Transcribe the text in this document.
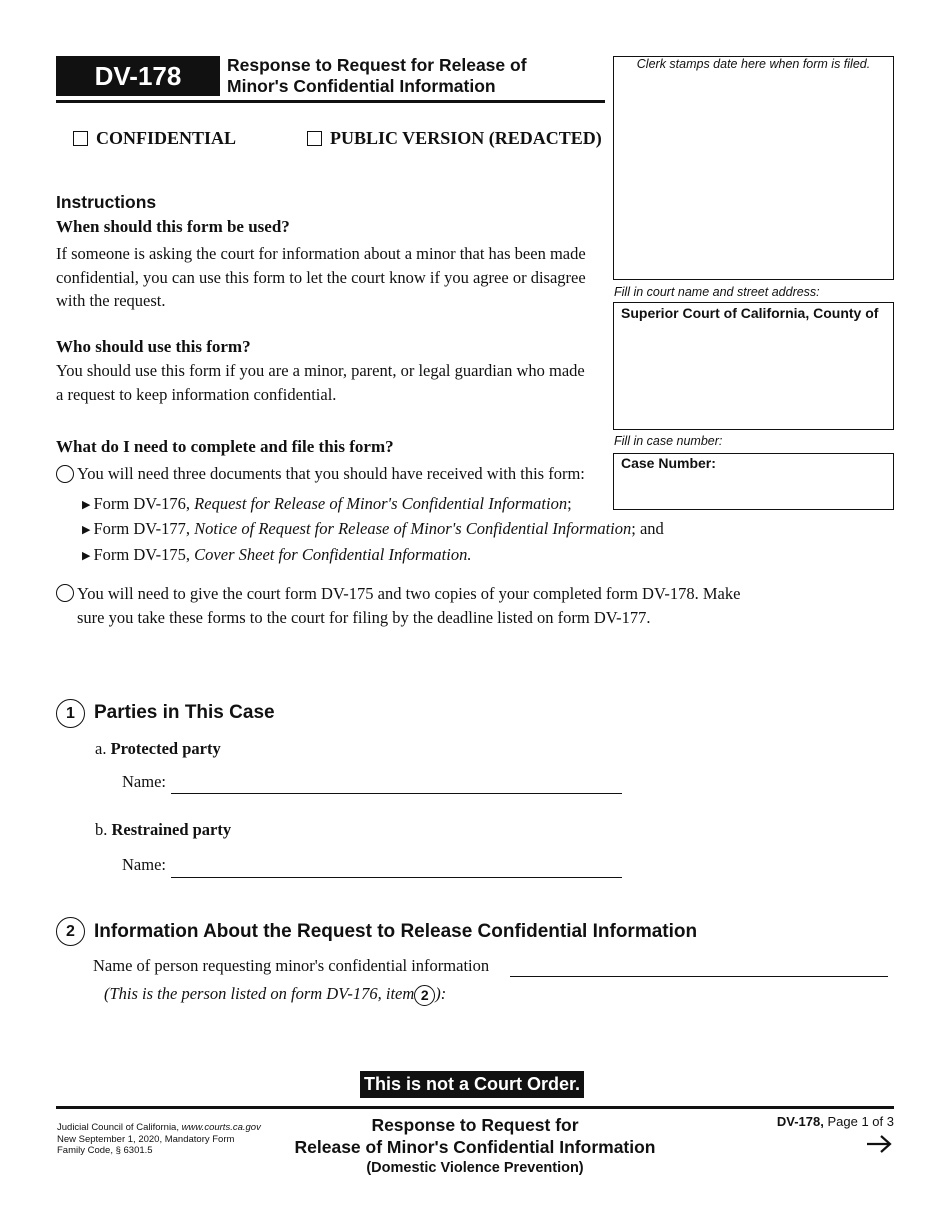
DV-178	Response to Request for Release of
Minor's Confidential Information
CONFIDENTIAL	PUBLIC VERSION (REDACTED)
Clerk stamps date here when form is filed.
Fill in court name and street address:
Superior Court of California, County of
Fill in case number:
Case Number:
Instructions
When should this form be used?
If someone is asking the court for information about a minor that has been made
confidential, you can use this form to let the court know if you agree or disagree
with the request.
Who should use this form?
You should use this form if you are a minor, parent, or legal guardian who made
a request to keep information confidential.
What do I need to complete and file this form?
You will need three documents that you should have received with this form:
▶ Form DV-176, Request for Release of Minor's Confidential Information;
▶ Form DV-177, Notice of Request for Release of Minor's Confidential Information; and
▶ Form DV-175, Cover Sheet for Confidential Information.
You will need to give the court form DV-175 and two copies of your completed form DV-178. Make
sure you take these forms to the court for filing by the deadline listed on form DV-177.
1	Parties in This Case
a. Protected party
Name:
b. Restrained party
Name:
2	Information About the Request to Release Confidential Information
Name of person requesting minor's confidential information
(This is the person listed on form DV-176, item 2 ):
This is not a Court Order.
Judicial Council of California, www.courts.ca.gov
New September 1, 2020, Mandatory Form
Family Code, § 6301.5
Response to Request for
Release of Minor's Confidential Information
(Domestic Violence Prevention)
DV-178, Page 1 of 3
